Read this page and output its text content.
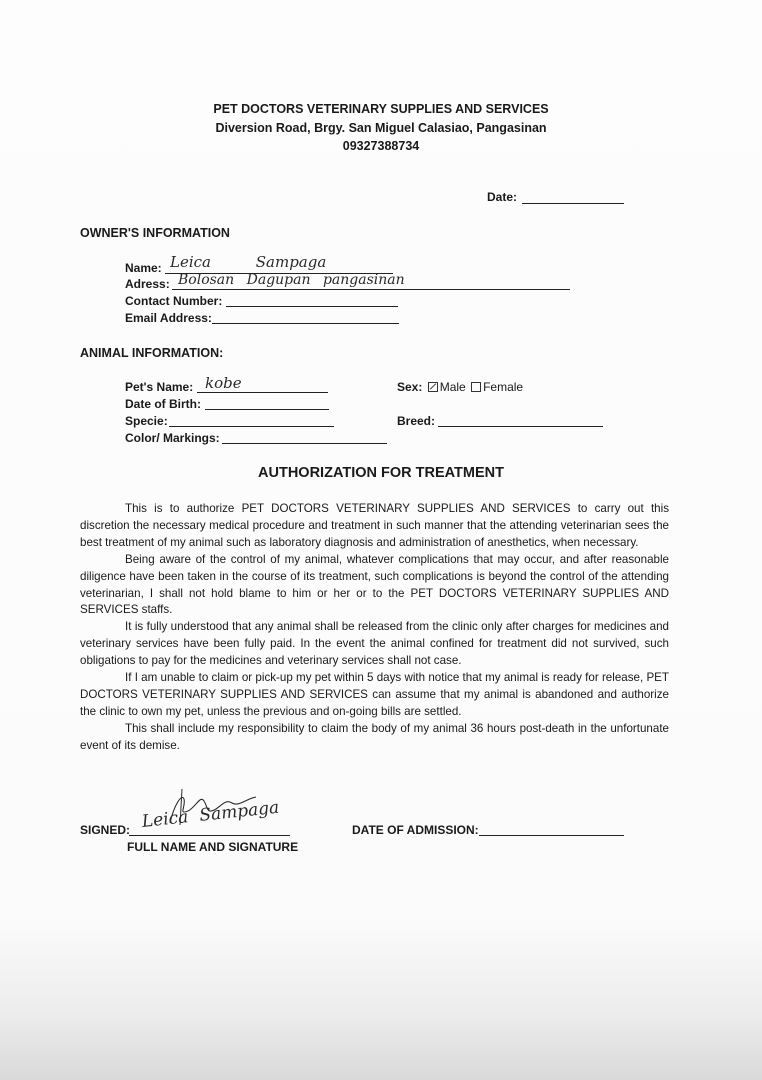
PET DOCTORS VETERINARY SUPPLIES AND SERVICES
Diversion Road, Brgy. San Miguel Calasiao, Pangasinan
09327388734
Date:
OWNER'S INFORMATION
Name: Leica Sampaga
Adress: Bolosan Dagupan pangasinan
Contact Number:
Email Address:
ANIMAL INFORMATION:
Pet's Name: kobe
Date of Birth:
Specie:
Color/ Markings:
Sex: Male Female
Breed:
AUTHORIZATION FOR TREATMENT

This is to authorize PET DOCTORS VETERINARY SUPPLIES AND SERVICES to carry out this discretion the necessary medical procedure and treatment in such manner that the attending veterinarian sees the best treatment of my animal such as laboratory diagnosis and administration of anesthetics, when necessary.

Being aware of the control of my animal, whatever complications that may occur, and after reasonable diligence have been taken in the course of its treatment, such complications is beyond the control of the attending veterinarian, I shall not hold blame to him or her or to the PET DOCTORS VETERINARY SUPPLIES AND SERVICES staffs.

It is fully understood that any animal shall be released from the clinic only after charges for medicines and veterinary services have been fully paid. In the event the animal confined for treatment did not survived, such obligations to pay for the medicines and veterinary services shall not case.

If I am unable to claim or pick-up my pet within 5 days with notice that my animal is ready for release, PET DOCTORS VETERINARY SUPPLIES AND SERVICES can assume that my animal is abandoned and authorize the clinic to own my pet, unless the previous and on-going bills are settled.

This shall include my responsibility to claim the body of my animal 36 hours post-death in the unfortunate event of its demise.

SIGNED: Leica Sampaga
FULL NAME AND SIGNATURE
DATE OF ADMISSION:
